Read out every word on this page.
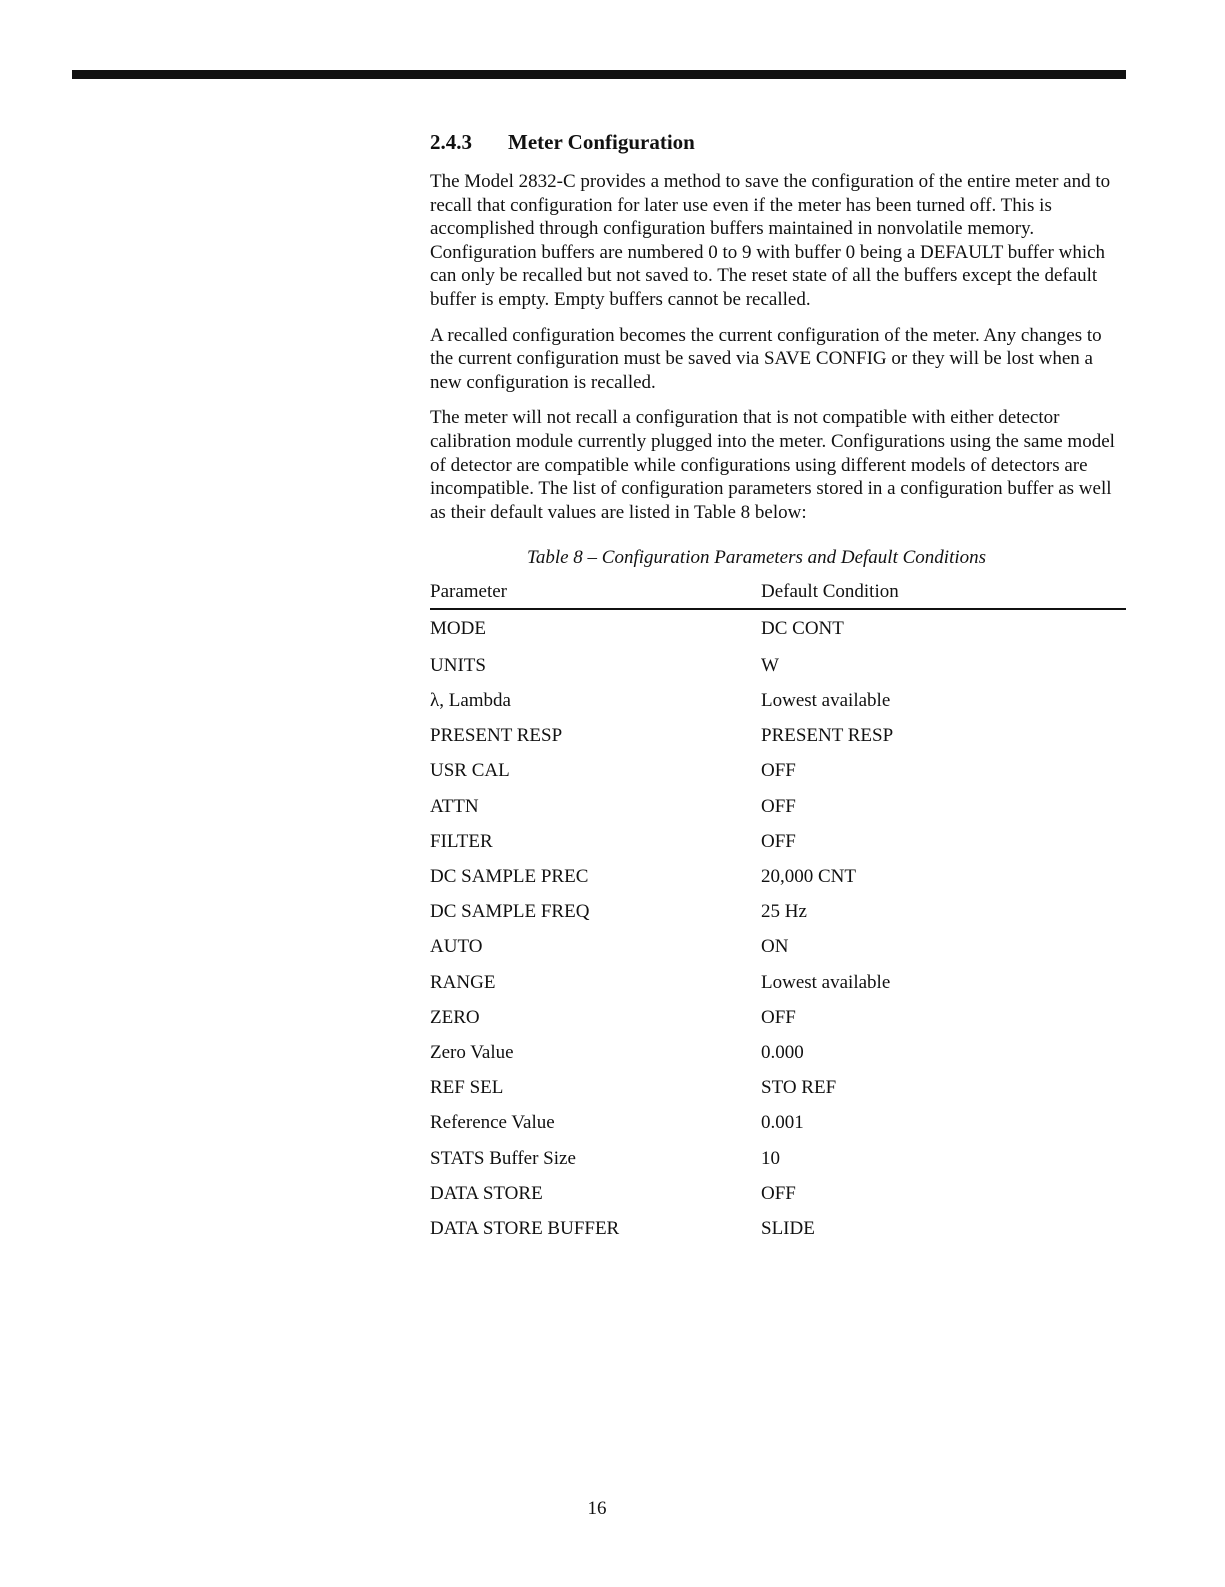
2.4.3 Meter Configuration

The Model 2832-C provides a method to save the configuration of the entire meter and to recall that configuration for later use even if the meter has been turned off. This is accomplished through configuration buffers maintained in nonvolatile memory. Configuration buffers are numbered 0 to 9 with buffer 0 being a DEFAULT buffer which can only be recalled but not saved to. The reset state of all the buffers except the default buffer is empty. Empty buffers cannot be recalled.

A recalled configuration becomes the current configuration of the meter. Any changes to the current configuration must be saved via SAVE CONFIG or they will be lost when a new configuration is recalled.

The meter will not recall a configuration that is not compatible with either detector calibration module currently plugged into the meter. Configurations using the same model of detector are compatible while configurations using different models of detectors are incompatible. The list of configuration parameters stored in a configuration buffer as well as their default values are listed in Table 8 below:

Table 8 – Configuration Parameters and Default Conditions
Parameter	Default Condition
MODE	DC CONT
UNITS	W
λ, Lambda	Lowest available
PRESENT RESP	PRESENT RESP
USR CAL	OFF
ATTN	OFF
FILTER	OFF
DC SAMPLE PREC	20,000 CNT
DC SAMPLE FREQ	25 Hz
AUTO	ON
RANGE	Lowest available
ZERO	OFF
Zero Value	0.000
REF SEL	STO REF
Reference Value	0.001
STATS Buffer Size	10
DATA STORE	OFF
DATA STORE BUFFER	SLIDE
16
